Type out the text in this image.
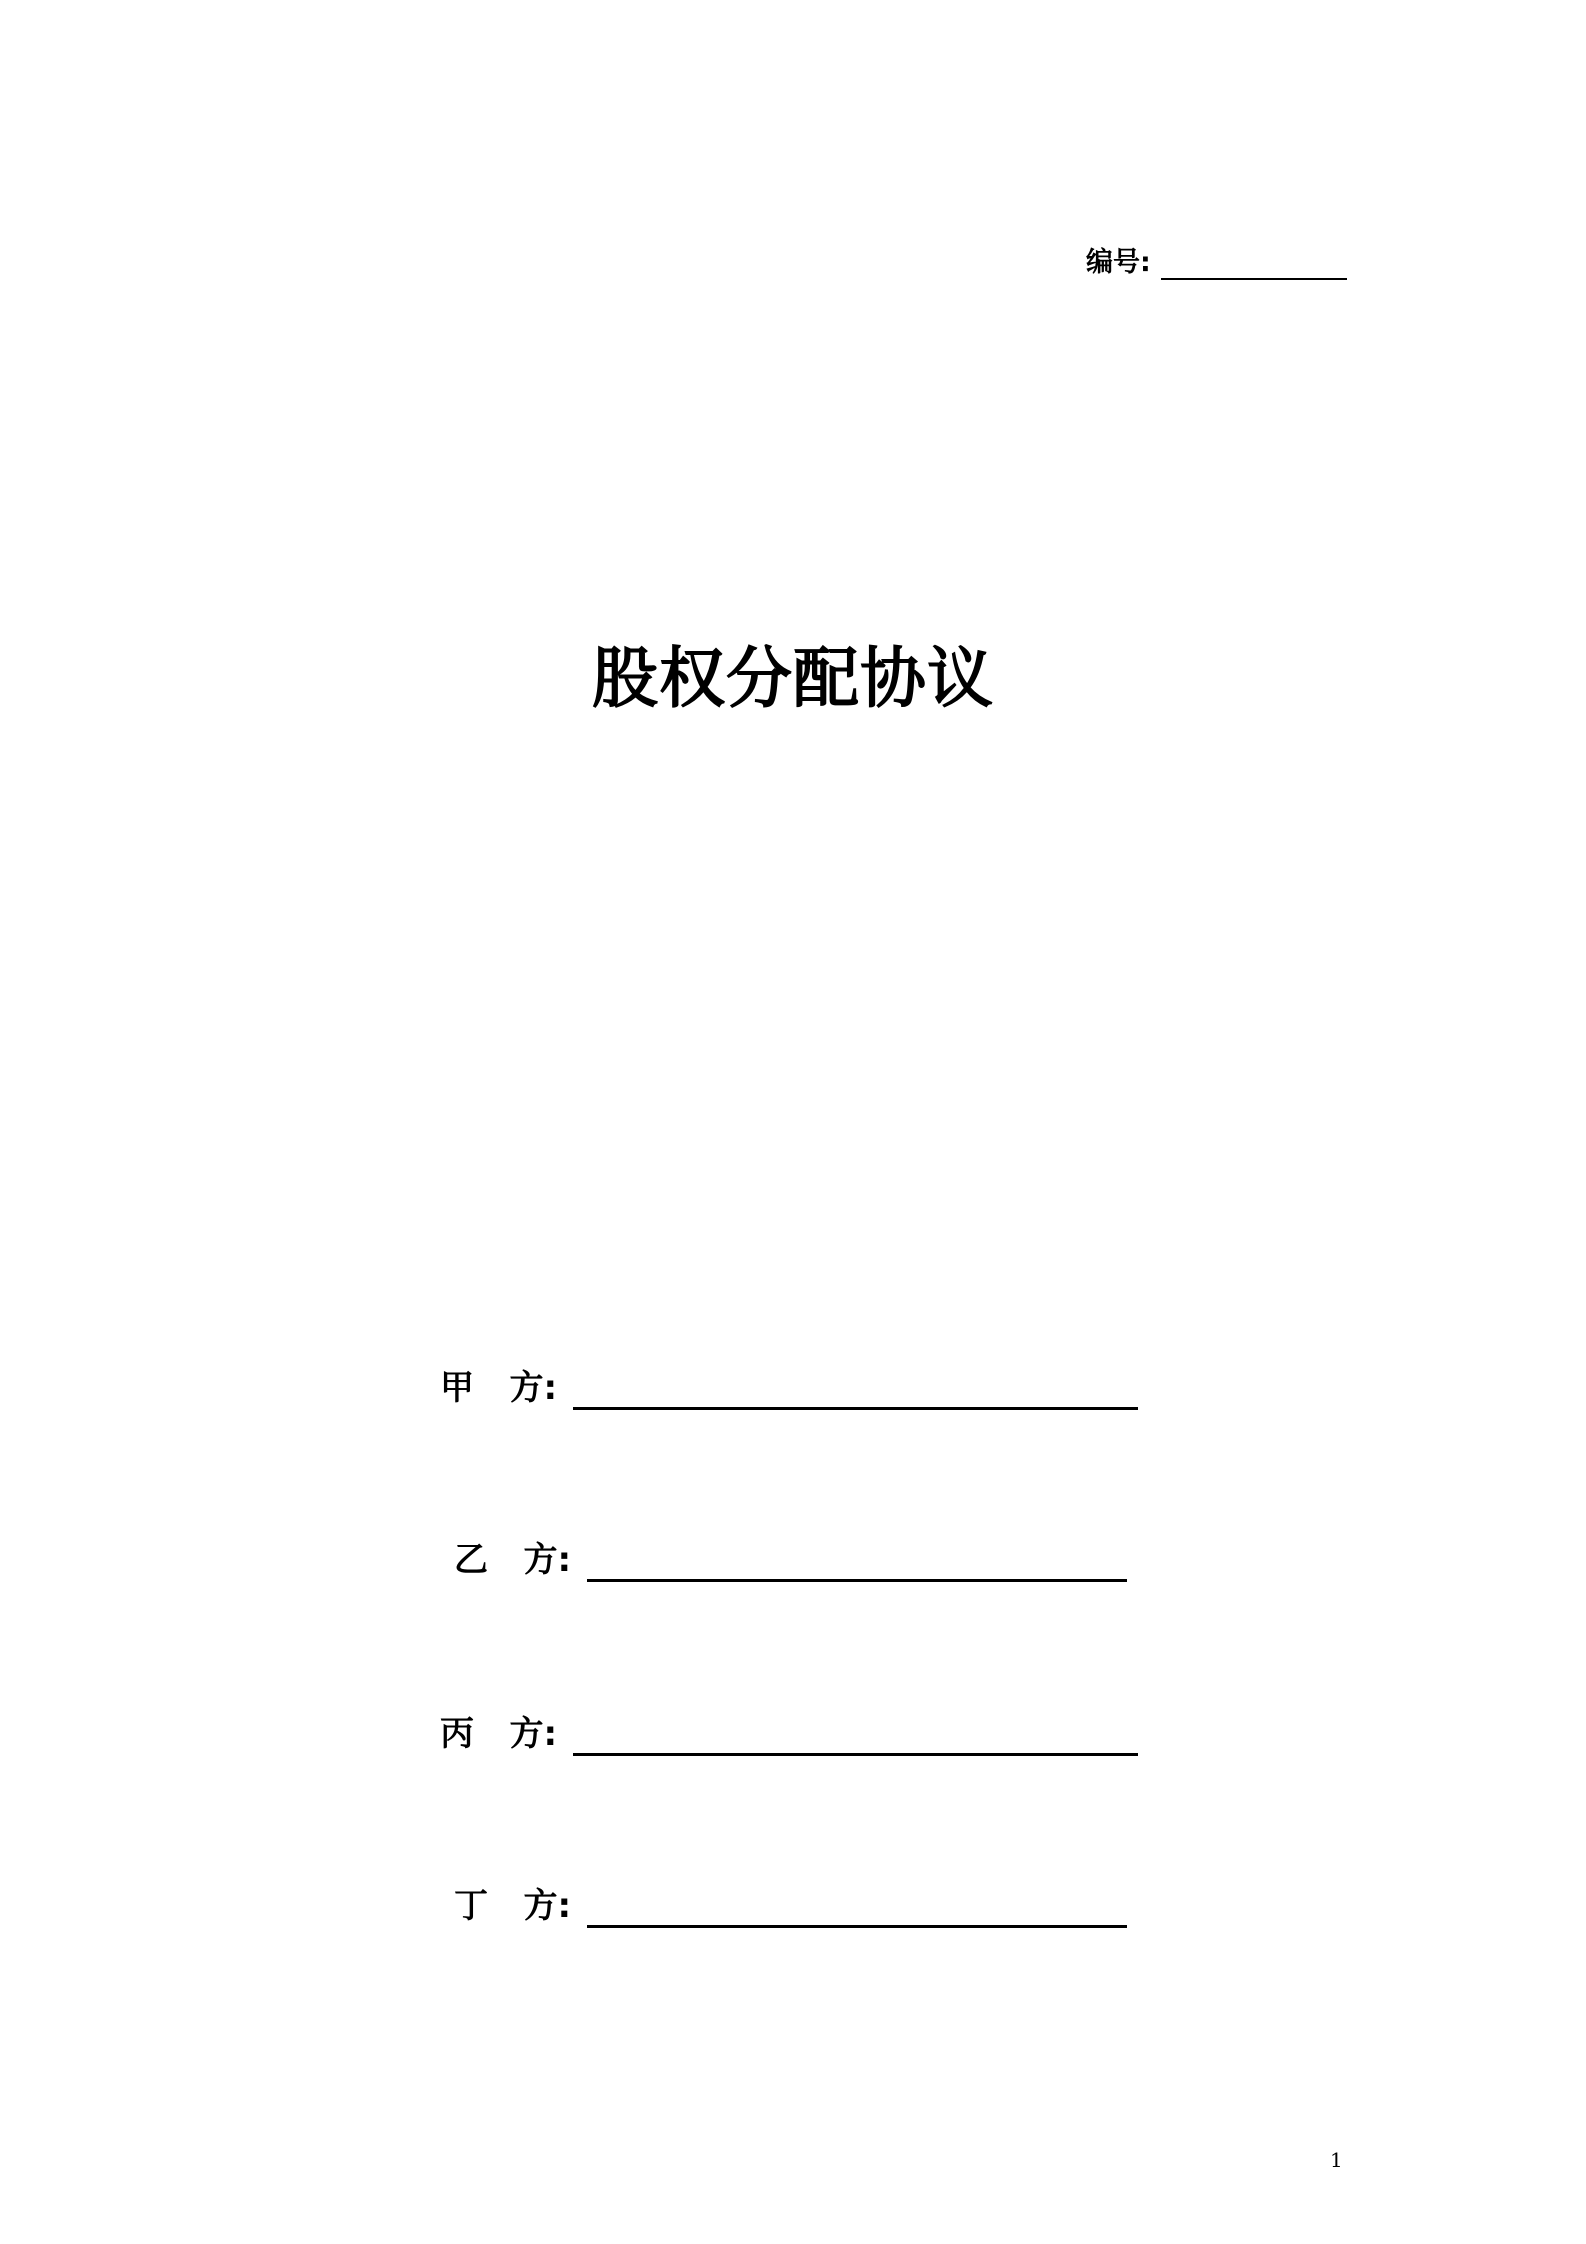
编号:
股权分配协议
甲   方:
乙   方:
丙   方:
丁   方:
1
